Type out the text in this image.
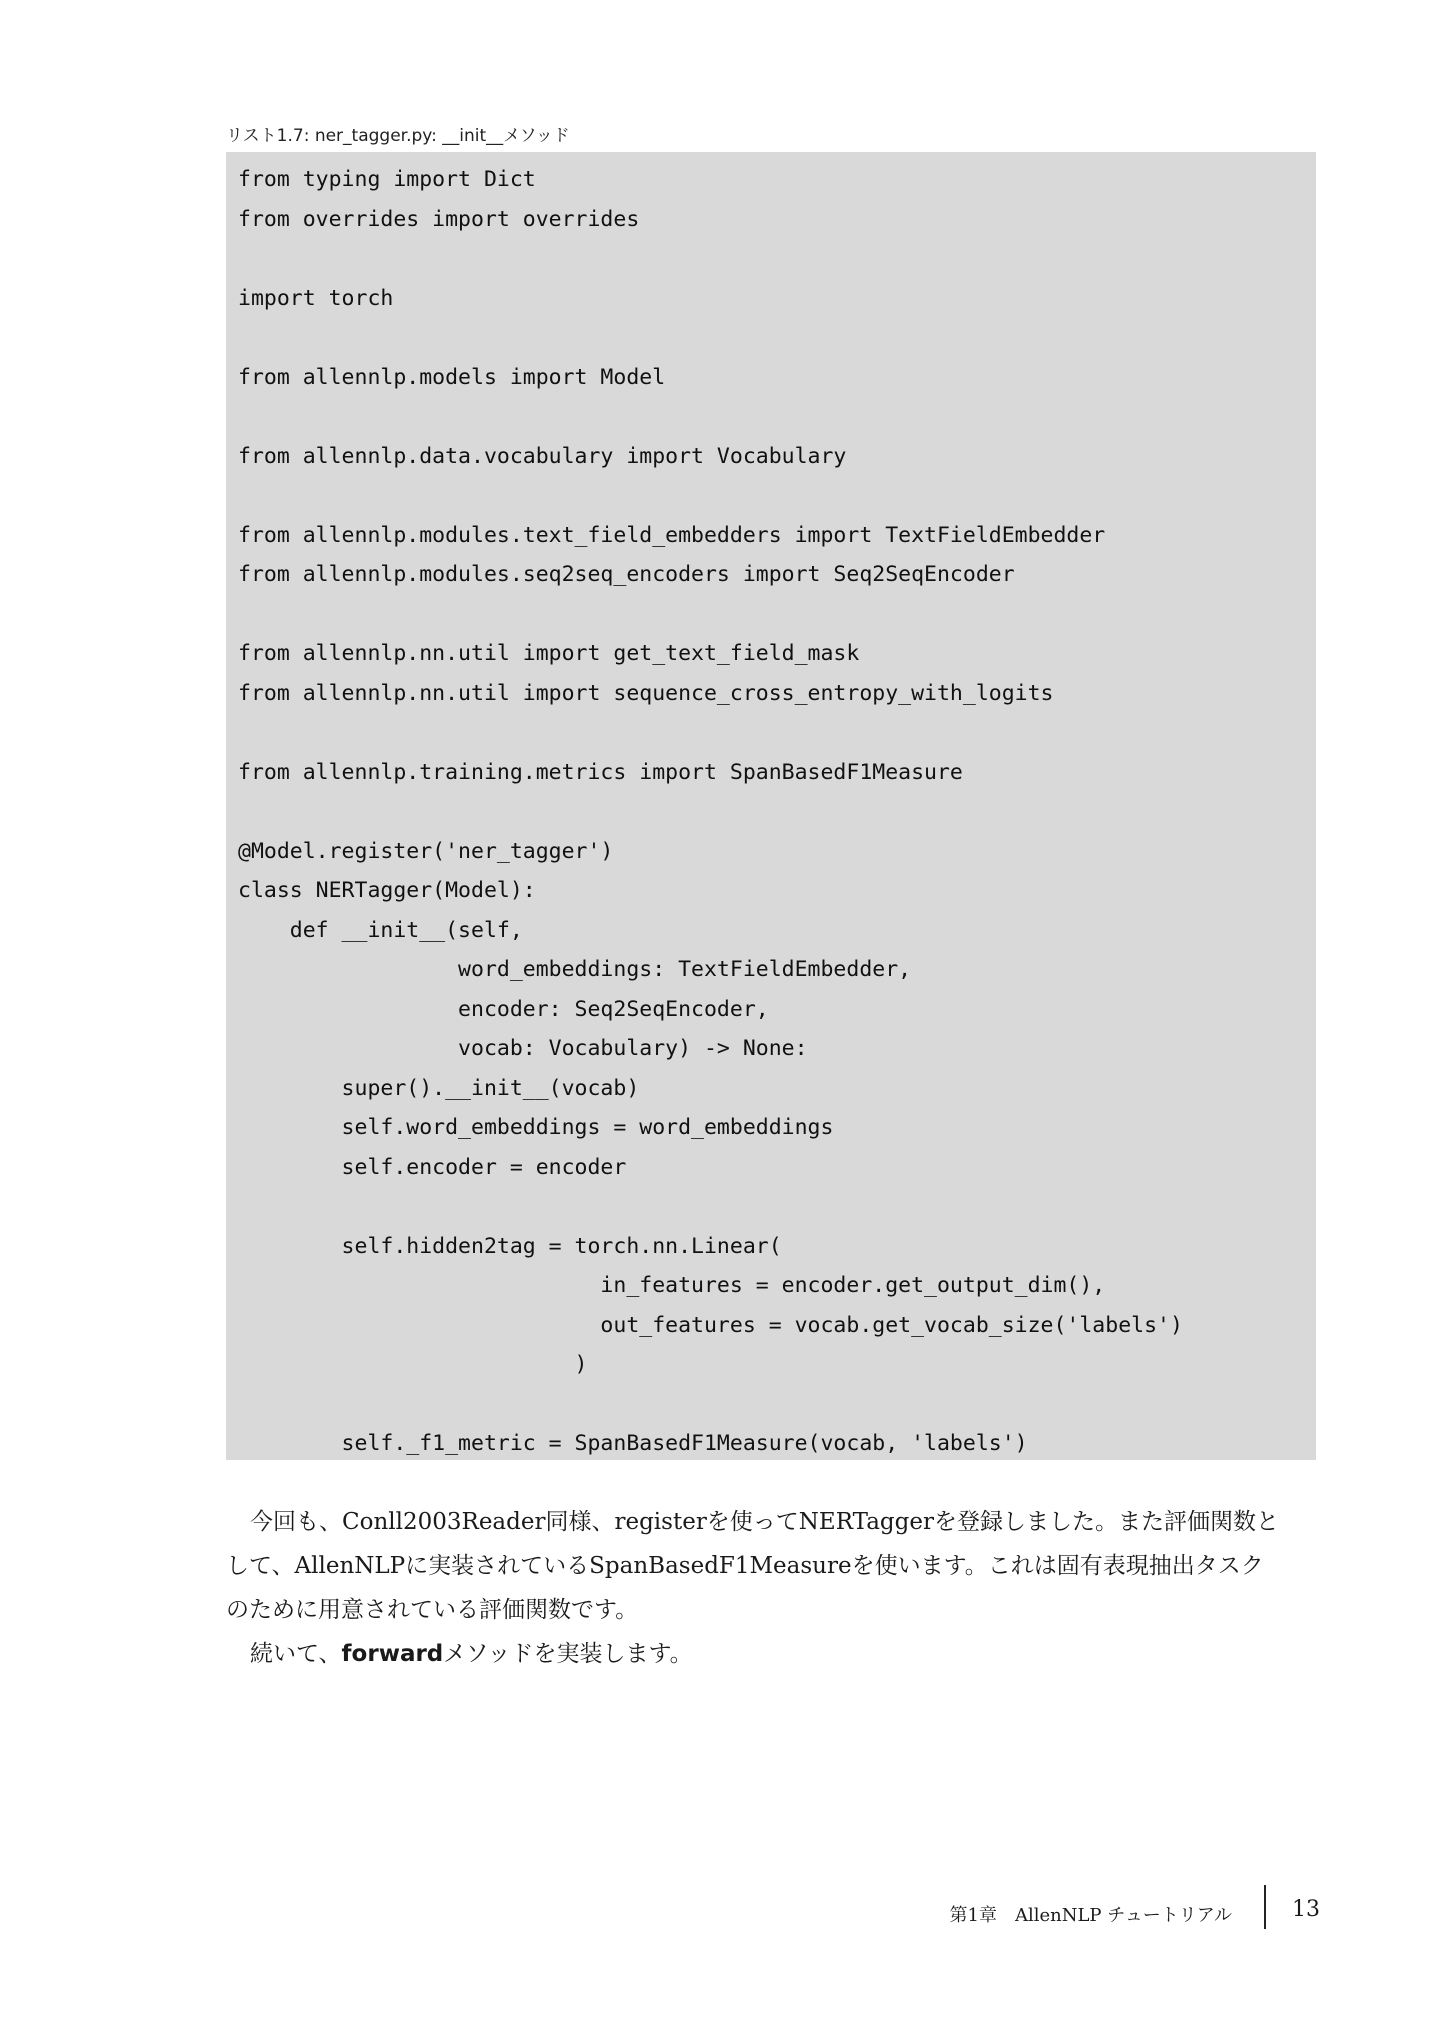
リスト1.7: ner_tagger.py: __init__メソッド
from typing import Dict
from overrides import overrides
import torch
from allennlp.models import Model
from allennlp.data.vocabulary import Vocabulary
from allennlp.modules.text_field_embedders import TextFieldEmbedder
from allennlp.modules.seq2seq_encoders import Seq2SeqEncoder
from allennlp.nn.util import get_text_field_mask
from allennlp.nn.util import sequence_cross_entropy_with_logits
from allennlp.training.metrics import SpanBasedF1Measure
@Model.register('ner_tagger')
class NERTagger(Model):
def __init__(self,
word_embeddings: TextFieldEmbedder,
encoder: Seq2SeqEncoder,
vocab: Vocabulary) -> None:
super().__init__(vocab)
self.word_embeddings = word_embeddings
self.encoder = encoder
self.hidden2tag = torch.nn.Linear(
in_features = encoder.get_output_dim(),
out_features = vocab.get_vocab_size('labels')
)
self._f1_metric = SpanBasedF1Measure(vocab, 'labels')

今回も、Conll2003Reader同様、registerを使ってNERTaggerを登録しました。また評価関数と
して、AllenNLPに実装されているSpanBasedF1Measureを使います。これは固有表現抽出タスク
のために用意されている評価関数です。

続いて、forwardメソッドを実装します。

第1章　AllenNLP チュートリアル	13
